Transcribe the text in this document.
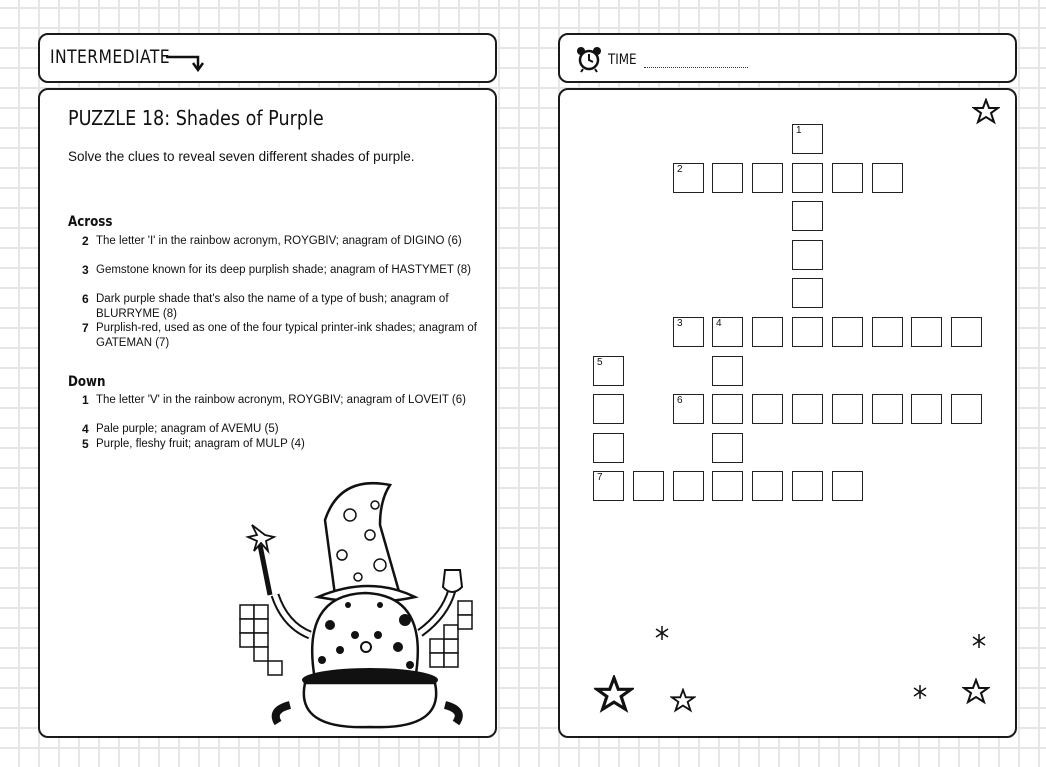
INTERMEDIATE	TIME
PUZZLE 18: Shades of Purple
Solve the clues to reveal seven different shades of purple.
Across
2 The letter 'I' in the rainbow acronym, ROYGBIV; anagram of DIGINO (6)
3 Gemstone known for its deep purplish shade; anagram of HASTYMET (8)
6 Dark purple shade that's also the name of a type of bush; anagram of BLURRYME (8)
7 Purplish-red, used as one of the four typical printer-ink shades; anagram of GATEMAN (7)
Down
1 The letter 'V' in the rainbow acronym, ROYGBIV; anagram of LOVEIT (6)
4 Pale purple; anagram of AVEMU (5)
5 Purple, fleshy fruit; anagram of MULP (4)
1
2
3	4
5
6
7
